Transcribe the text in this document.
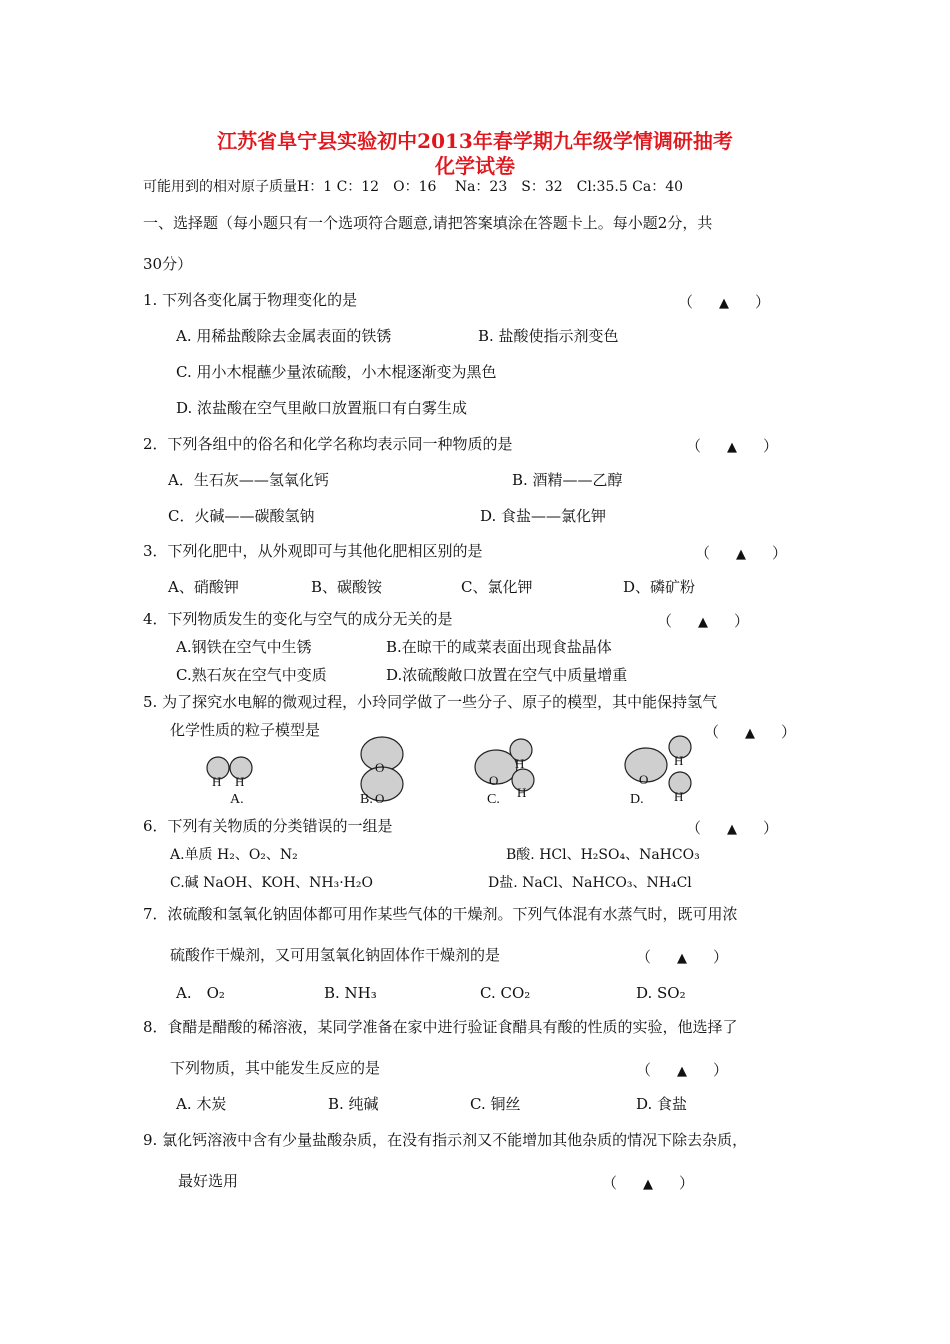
江苏省阜宁县实验初中2013年春学期九年级学情调研抽考
化学试卷
可能用到的相对原子质量H：1 C：12　O：16　 Na：23　S：32　Cl:35.5 Ca：40
一、选择题（每小题只有一个选项符合题意,请把答案填涂在答题卡上。每小题2分，共
30分）
1. 下列各变化属于物理变化的是	（ ▲ ）
A. 用稀盐酸除去金属表面的铁锈	B. 盐酸使指示剂变色
C. 用小木棍蘸少量浓硫酸，小木棍逐渐变为黑色
D. 浓盐酸在空气里敞口放置瓶口有白雾生成
2．下列各组中的俗名和化学名称均表示同一种物质的是	（ ▲ ）
A．生石灰——氢氧化钙	B. 酒精——乙醇
C．火碱——碳酸氢钠	D. 食盐——氯化钾
3．下列化肥中，从外观即可与其他化肥相区别的是	（ ▲ ）
A、硝酸钾	B、碳酸铵	C、氯化钾	D、磷矿粉
4．下列物质发生的变化与空气的成分无关的是	（ ▲ ）
A.钢铁在空气中生锈	B.在晾干的咸菜表面出现食盐晶体
C.熟石灰在空气中变质	D.浓硫酸敞口放置在空气中质量增重
5. 为了探究水电解的微观过程，小玲同学做了一些分子、原子的模型，其中能保持氢气
化学性质的粒子模型是	（ ▲ ）
H H
O
O
O
H
H
O
H
H
A.	B.	C.	D.
6．下列有关物质的分类错误的一组是	（ ▲ ）
A.单质 H₂、O₂、N₂	B酸. HCl、H₂SO₄、NaHCO₃
C.碱 NaOH、KOH、NH₃·H₂O	D盐. NaCl、NaHCO₃、NH₄Cl
7．浓硫酸和氢氧化钠固体都可用作某些气体的干燥剂。下列气体混有水蒸气时，既可用浓
硫酸作干燥剂，又可用氢氧化钠固体作干燥剂的是	（ ▲ ）
A.　O₂	B. NH₃	C. CO₂	D. SO₂
8．食醋是醋酸的稀溶液，某同学准备在家中进行验证食醋具有酸的性质的实验，他选择了
下列物质，其中能发生反应的是	（ ▲ ）
A. 木炭	B. 纯碱	C. 铜丝	D. 食盐
9. 氯化钙溶液中含有少量盐酸杂质，在没有指示剂又不能增加其他杂质的情况下除去杂质，
最好选用	（ ▲ ）
